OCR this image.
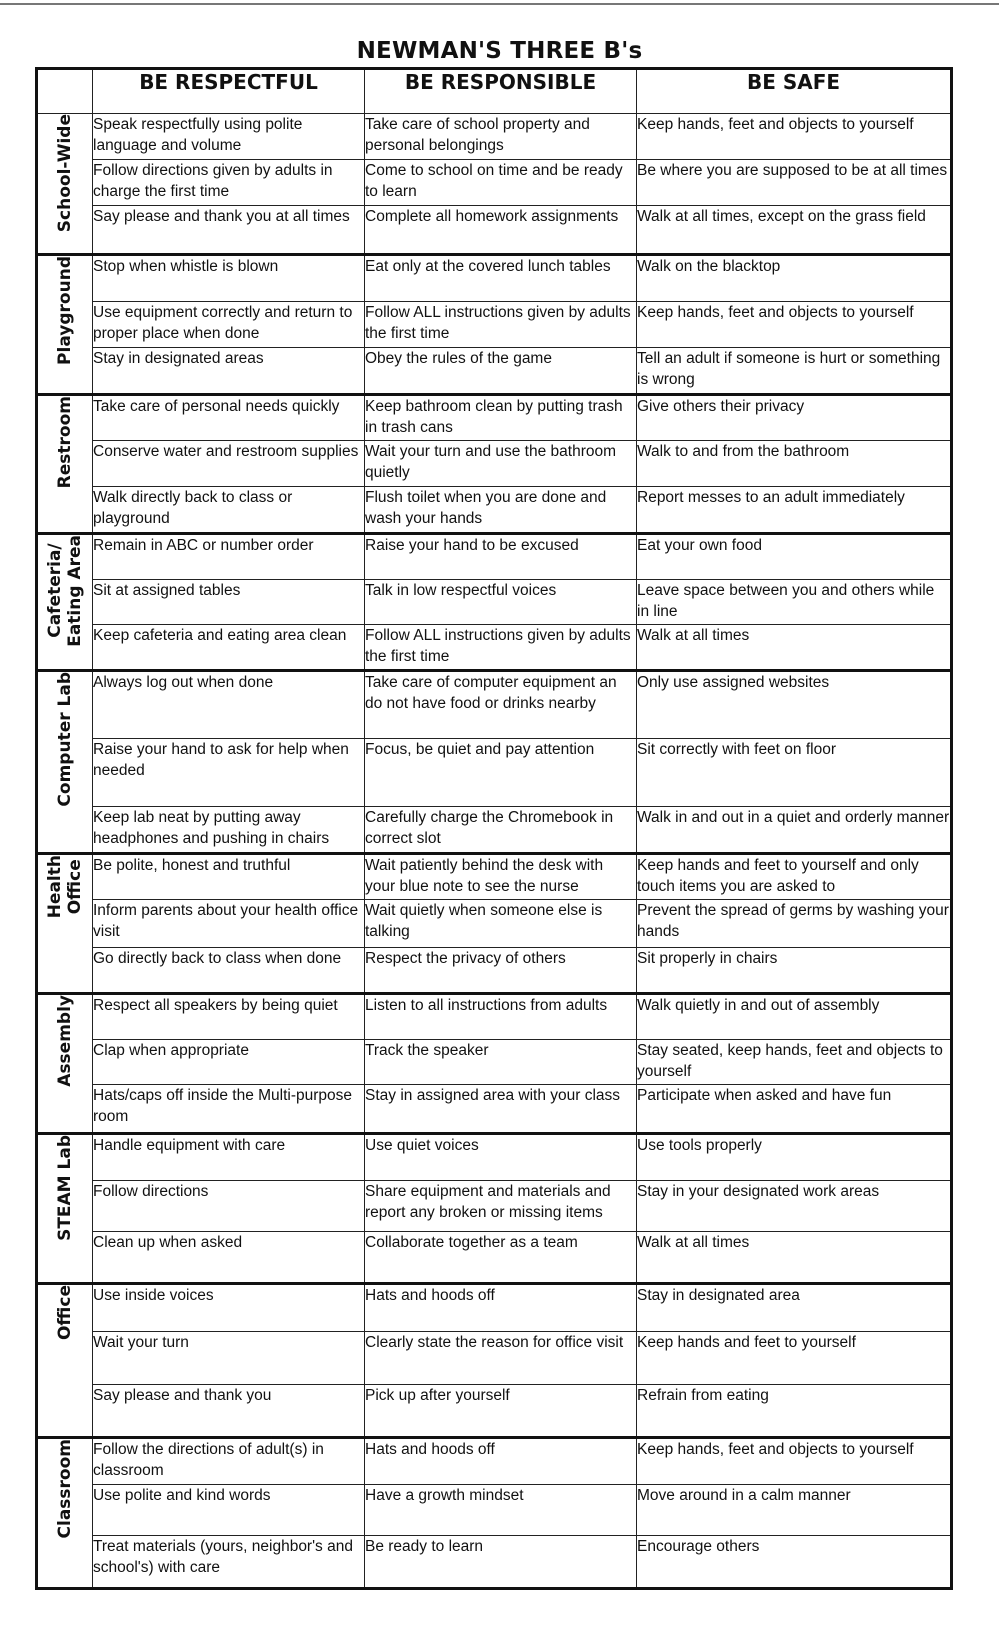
NEWMAN'S THREE B's
	BE RESPECTFUL	BE RESPONSIBLE	BE SAFE
School-Wide	Speak respectfully using polite language and volume	Take care of school property and personal belongings	Keep hands, feet and objects to yourself
	Follow directions given by adults in charge the first time	Come to school on time and be ready to learn	Be where you are supposed to be at all times
	Say please and thank you at all times	Complete all homework assignments	Walk at all times, except on the grass field
Playground	Stop when whistle is blown	Eat only at the covered lunch tables	Walk on the blacktop
	Use equipment correctly and return to proper place when done	Follow ALL instructions given by adults the first time	Keep hands, feet and objects to yourself
	Stay in designated areas	Obey the rules of the game	Tell an adult if someone is hurt or something is wrong
Restroom	Take care of personal needs quickly	Keep bathroom clean by putting trash in trash cans	Give others their privacy
	Conserve water and restroom supplies	Wait your turn and use the bathroom quietly	Walk to and from the bathroom
	Walk directly back to class or playground	Flush toilet when you are done and wash your hands	Report messes to an adult immediately
Cafeteria/
Eating Area	Remain in ABC or number order	Raise your hand to be excused	Eat your own food
	Sit at assigned tables	Talk in low respectful voices	Leave space between you and others while in line
	Keep cafeteria and eating area clean	Follow ALL instructions given by adults the first time	Walk at all times
Computer Lab	Always log out when done	Take care of computer equipment an do not have food or drinks nearby	Only use assigned websites
	Raise your hand to ask for help when needed	Focus, be quiet and pay attention	Sit correctly with feet on floor
	Keep lab neat by putting away headphones and pushing in chairs	Carefully charge the Chromebook in correct slot	Walk in and out in a quiet and orderly manner
Health
Office	Be polite, honest and truthful	Wait patiently behind the desk with your blue note to see the nurse	Keep hands and feet to yourself and only touch items you are asked to
	Inform parents about your health office visit	Wait quietly when someone else is talking	Prevent the spread of germs by washing your hands
	Go directly back to class when done	Respect the privacy of others	Sit properly in chairs
Assembly	Respect all speakers by being quiet	Listen to all instructions from adults	Walk quietly in and out of assembly
	Clap when appropriate	Track the speaker	Stay seated, keep hands, feet and objects to yourself
	Hats/caps off inside the Multi-purpose room	Stay in assigned area with your class	Participate when asked and have fun
STEAM Lab	Handle equipment with care	Use quiet voices	Use tools properly
	Follow directions	Share equipment and materials and report any broken or missing items	Stay in your designated work areas
	Clean up when asked	Collaborate together as a team	Walk at all times
Office	Use inside voices	Hats and hoods off	Stay in designated area
	Wait your turn	Clearly state the reason for office visit	Keep hands and feet to yourself
	Say please and thank you	Pick up after yourself	Refrain from eating
Classroom	Follow the directions of adult(s) in classroom	Hats and hoods off	Keep hands, feet and objects to yourself
	Use polite and kind words	Have a growth mindset	Move around in a calm manner
	Treat materials (yours, neighbor's and school's) with care	Be ready to learn	Encourage others
